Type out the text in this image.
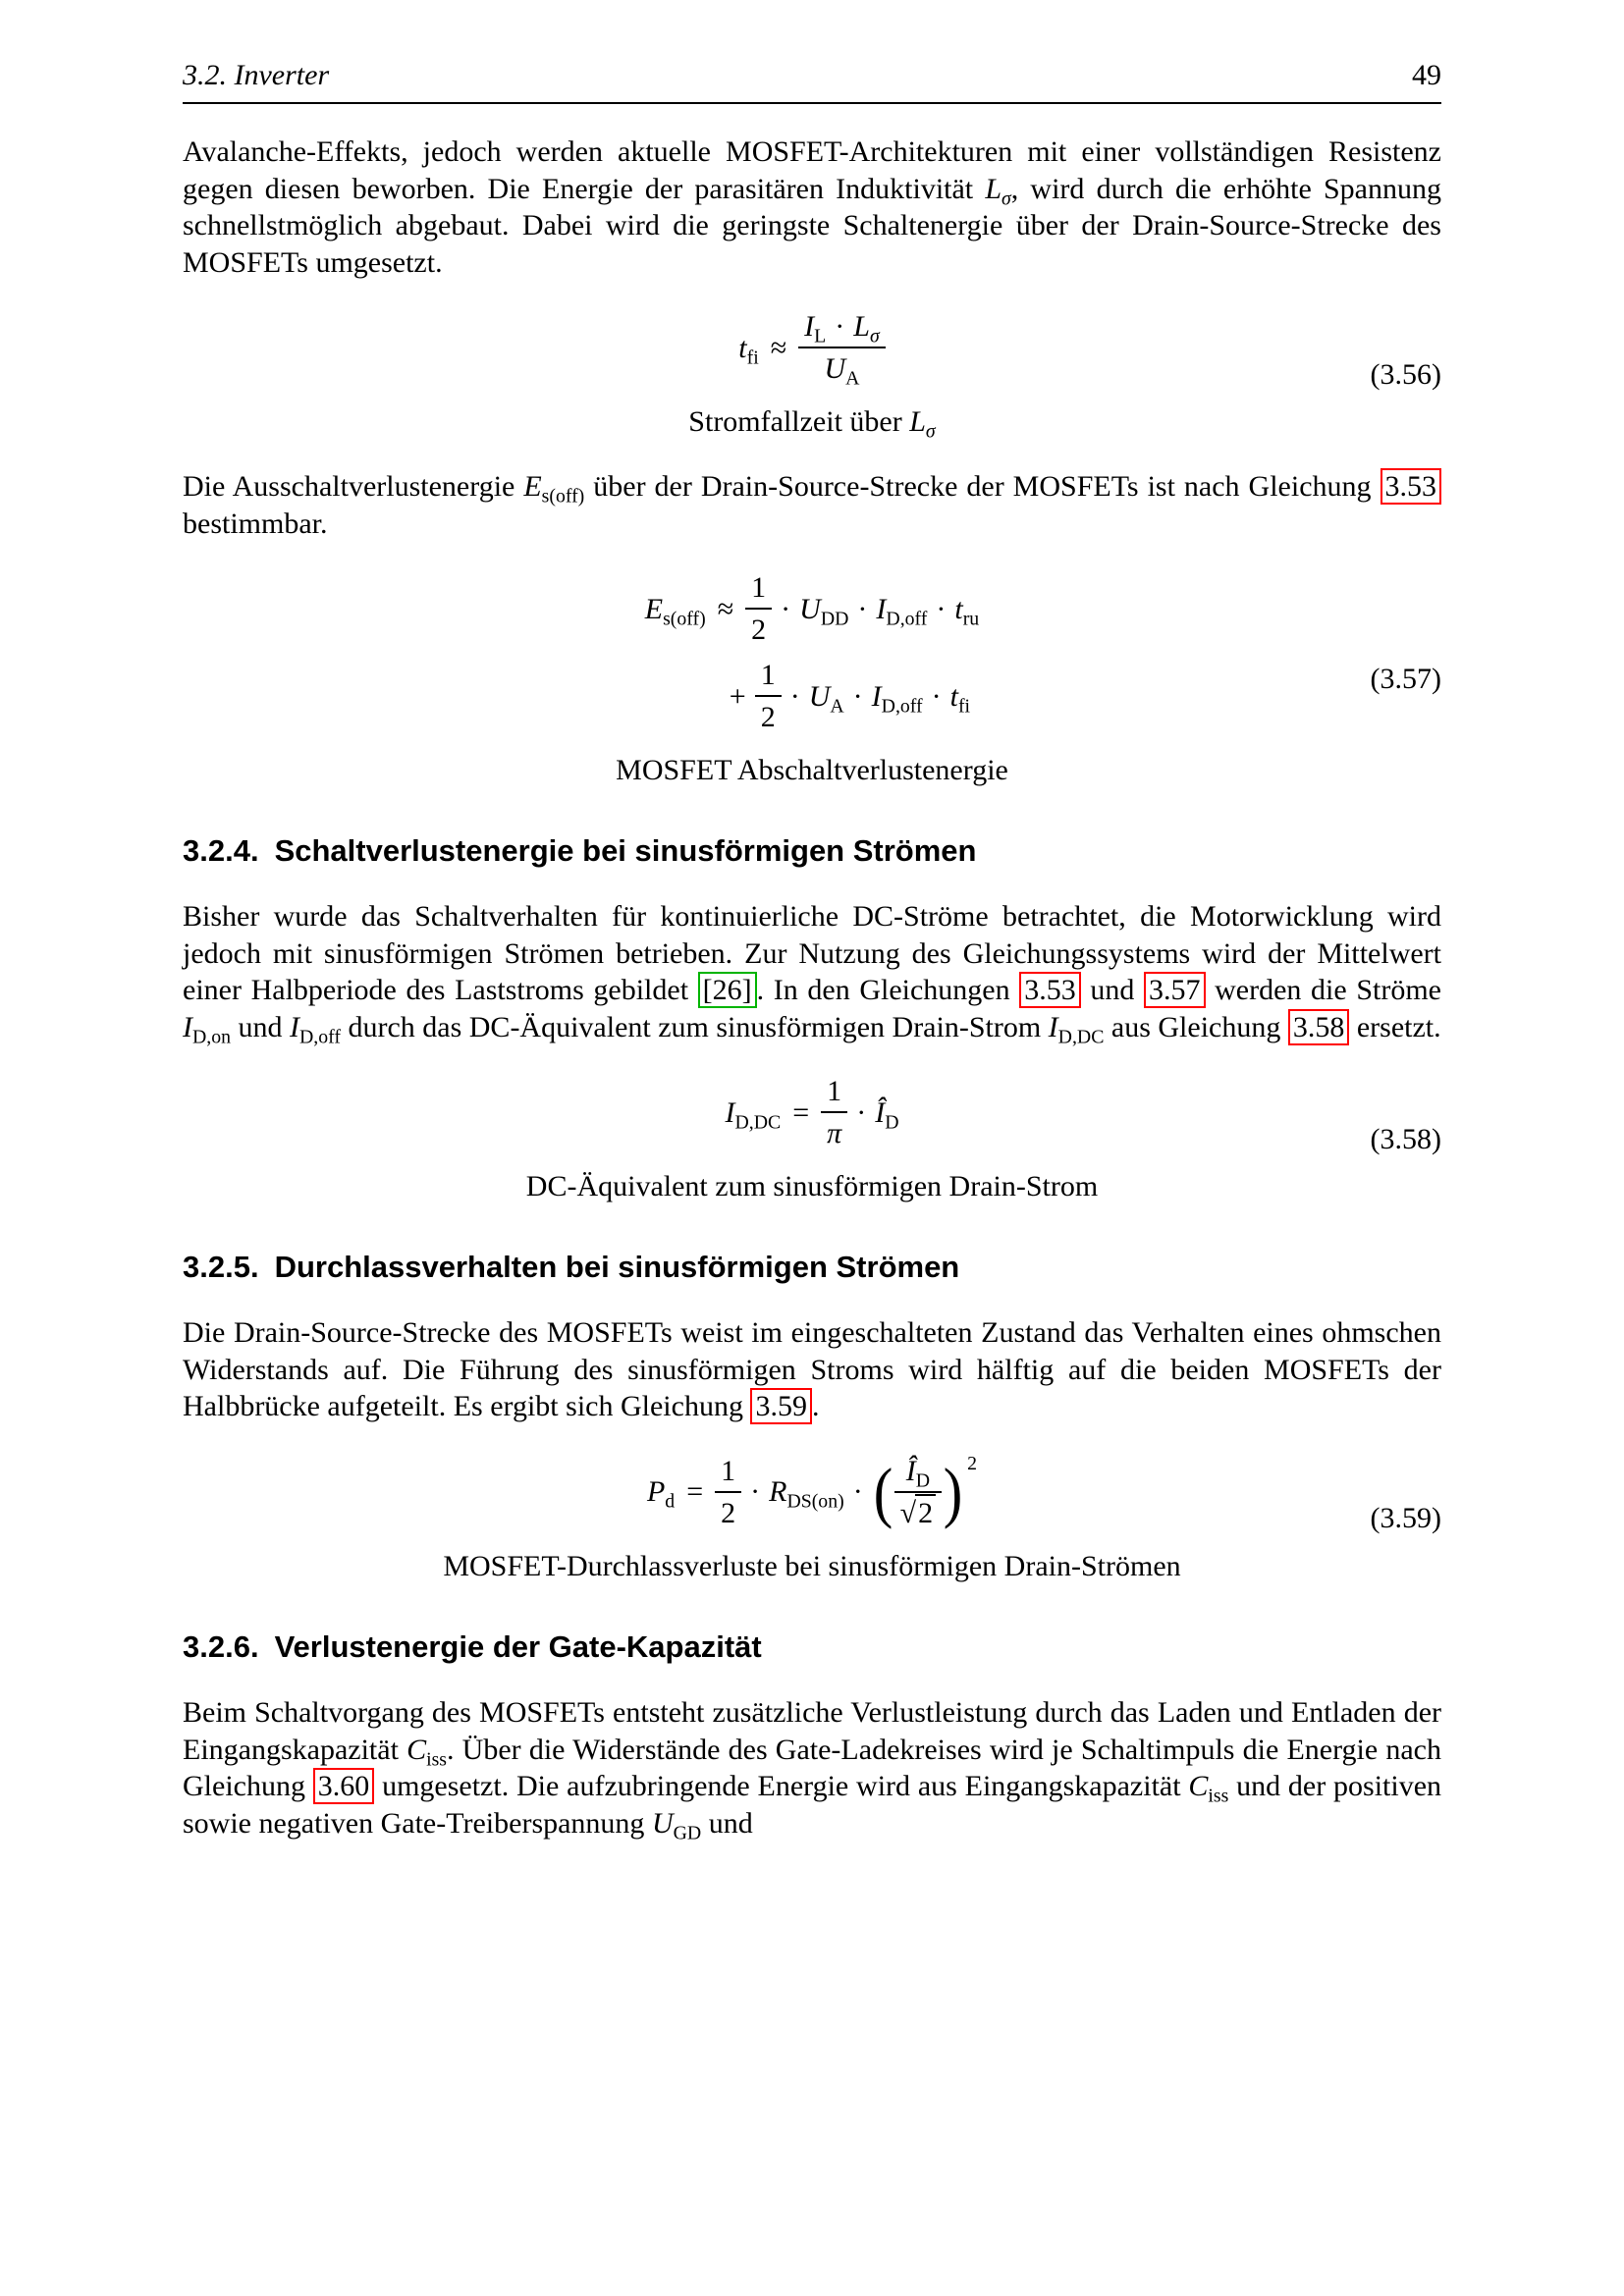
3.2. Inverter	49

Avalanche-Effekts, jedoch werden aktuelle MOSFET-Architekturen mit einer vollständigen Resistenz gegen diesen beworben. Die Energie der parasitären Induktivität $L_\sigma$, wird durch die erhöhte Spannung schnellstmöglich abgebaut. Dabei wird die geringste Schaltenergie über der Drain-Source-Strecke des MOSFETs umgesetzt.

$t_{fi} \approx \frac{I_L \cdot L_\sigma}{U_A}$
Stromfallzeit über $L_\sigma$
(3.56)

Die Ausschaltverlustenergie $E_{s(off)}$ über der Drain-Source-Strecke der MOSFETs ist nach Gleichung 3.53 bestimmbar.

$E_{s(off)} \approx \frac{1}{2} \cdot U_{DD} \cdot I_{D,off} \cdot t_{ru}$
+ $\frac{1}{2} \cdot U_A \cdot I_{D,off} \cdot t_{fi}$
MOSFET Abschaltverlustenergie
(3.57)
3.2.4. Schaltverlustenergie bei sinusförmigen Strömen

Bisher wurde das Schaltverhalten für kontinuierliche DC-Ströme betrachtet, die Motorwicklung wird jedoch mit sinusförmigen Strömen betrieben. Zur Nutzung des Gleichungssystems wird der Mittelwert einer Halbperiode des Laststroms gebildet [26] . In den Gleichungen 3.53 und 3.57 werden die Ströme $I_{D,on}$ und $I_{D,off}$ durch das DC-Äquivalent zum sinusförmigen Drain-Strom $I_{D,DC}$ aus Gleichung 3.58 ersetzt.

$I_{D,DC} = \frac{1}{\pi}$ · $Î_D$
DC-Äquivalent zum sinusförmigen Drain-Strom
(3.58)
3.2.5. Durchlassverhalten bei sinusförmigen Strömen

Die Drain-Source-Strecke des MOSFETs weist im eingeschalteten Zustand das Verhalten eines ohmschen Widerstands auf. Die Führung des sinusförmigen Stroms wird hälftig auf die beiden MOSFETs der Halbbrücke aufgeteilt. Es ergibt sich Gleichung 3.59 .

$P_d = \frac{1}{2} \cdot R_{DS(on)}$ · ( $\frac{Î_D}{√2}$ ) 2
MOSFET-Durchlassverluste bei sinusförmigen Drain-Strömen
(3.59)
3.2.6. Verlustenergie der Gate-Kapazität

Beim Schaltvorgang des MOSFETs entsteht zusätzliche Verlustleistung durch das Laden und Entladen der Eingangskapazität $C_{iss}$. Über die Widerstände des Gate-Ladekreises wird je Schaltimpuls die Energie nach Gleichung 3.60 umgesetzt. Die aufzubringende Energie wird aus Eingangskapazität $C_{iss}$ und der positiven sowie negativen Gate-Treiberspannung $U_{GD}$ und
